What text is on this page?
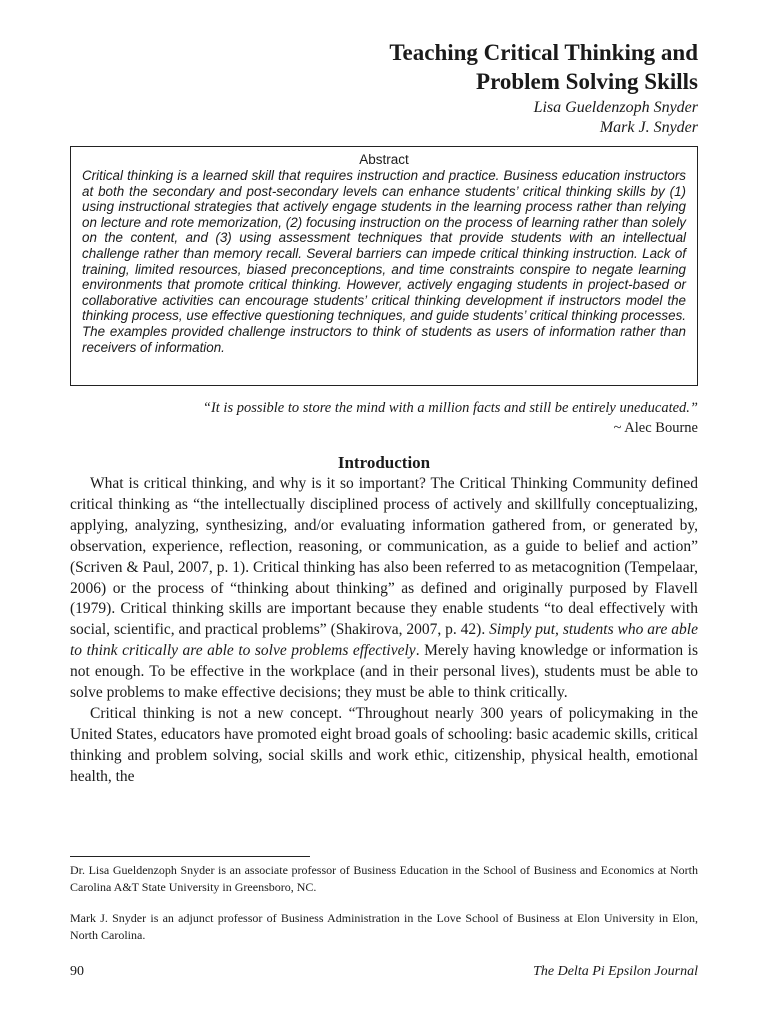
Teaching Critical Thinking and
Problem Solving Skills
Lisa Gueldenzoph Snyder
Mark J. Snyder
Abstract

Critical thinking is a learned skill that requires instruction and practice. Business education instructors at both the secondary and post-secondary levels can enhance students’ critical thinking skills by (1) using instructional strategies that actively engage students in the learning process rather than relying on lecture and rote memorization, (2) focusing instruction on the process of learning rather than solely on the content, and (3) using assessment techniques that provide students with an intellectual challenge rather than memory recall. Several barriers can impede critical thinking instruction. Lack of training, limited resources, biased preconceptions, and time constraints conspire to negate learning environments that promote critical thinking. However, actively engaging students in project-based or collaborative activities can encourage students’ critical thinking development if instructors model the thinking process, use effective questioning techniques, and guide students’ critical thinking processes. The examples provided challenge instructors to think of students as users of information rather than receivers of information.

“It is possible to store the mind with a million facts and still be entirely uneducated.”
~ Alec Bourne
Introduction

What is critical thinking, and why is it so important? The Critical Thinking Community defined critical thinking as “the intellectually disciplined process of actively and skillfully conceptualizing, applying, analyzing, synthesizing, and/or evaluating information gathered from, or generated by, observation, experience, reflection, reasoning, or communication, as a guide to belief and action” (Scriven & Paul, 2007, p. 1). Critical thinking has also been referred to as metacognition (Tempelaar, 2006) or the process of “thinking about thinking” as defined and originally purposed by Flavell (1979). Critical thinking skills are important because they enable students “to deal effectively with social, scientific, and practical problems” (Shakirova, 2007, p. 42). Simply put, students who are able to think critically are able to solve problems effectively. Merely having knowledge or information is not enough. To be effective in the workplace (and in their personal lives), students must be able to solve problems to make effective decisions; they must be able to think critically.

Critical thinking is not a new concept. “Throughout nearly 300 years of policymaking in the United States, educators have promoted eight broad goals of schooling: basic academic skills, critical thinking and problem solving, social skills and work ethic, citizenship, physical health, emotional health, the

Dr. Lisa Gueldenzoph Snyder is an associate professor of Business Education in the School of Business and Economics at North Carolina A&T State University in Greensboro, NC.
Mark J. Snyder is an adjunct professor of Business Administration in the Love School of Business at Elon University in Elon, North Carolina.
90	The Delta Pi Epsilon Journal
